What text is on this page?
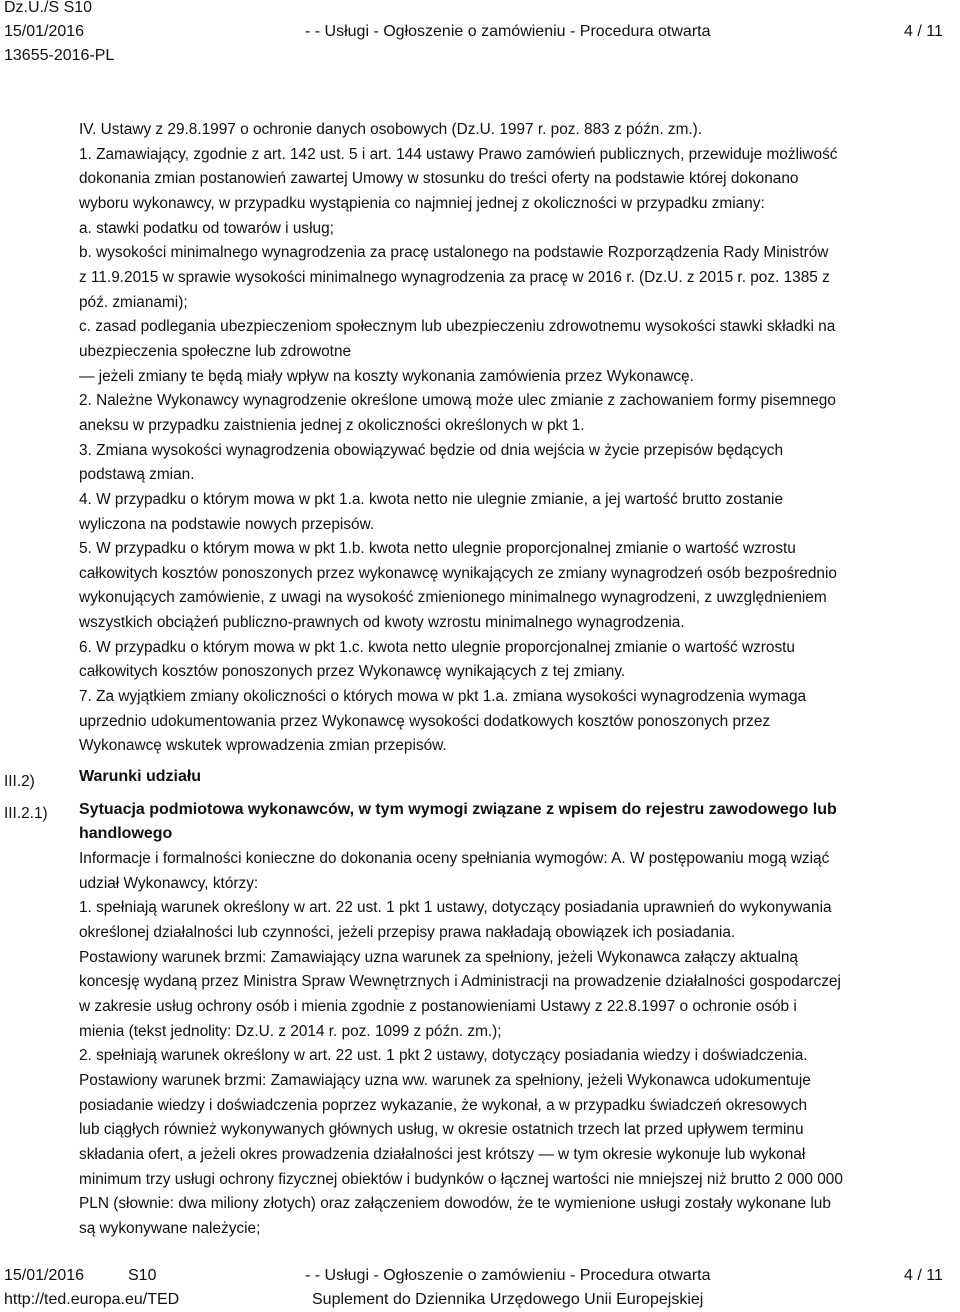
Dz.U./S S10
15/01/2016
13655-2016-PL
- - Usługi - Ogłoszenie o zamówieniu - Procedura otwarta	4 / 11
III.2)
III.2.1)

IV. Ustawy z 29.8.1997 o ochronie danych osobowych (Dz.U. 1997 r. poz. 883 z późn. zm.).

1. Zamawiający, zgodnie z art. 142 ust. 5 i art. 144 ustawy Prawo zamówień publicznych, przewiduje możliwość

dokonania zmian postanowień zawartej Umowy w stosunku do treści oferty na podstawie której dokonano

wyboru wykonawcy, w przypadku wystąpienia co najmniej jednej z okoliczności w przypadku zmiany:

a. stawki podatku od towarów i usług;

b. wysokości minimalnego wynagrodzenia za pracę ustalonego na podstawie Rozporządzenia Rady Ministrów

z 11.9.2015 w sprawie wysokości minimalnego wynagrodzenia za pracę w 2016 r. (Dz.U. z 2015 r. poz. 1385 z

póź. zmianami);

c. zasad podlegania ubezpieczeniom społecznym lub ubezpieczeniu zdrowotnemu wysokości stawki składki na

ubezpieczenia społeczne lub zdrowotne

— jeżeli zmiany te będą miały wpływ na koszty wykonania zamówienia przez Wykonawcę.

2. Należne Wykonawcy wynagrodzenie określone umową może ulec zmianie z zachowaniem formy pisemnego

aneksu w przypadku zaistnienia jednej z okoliczności określonych w pkt 1.

3. Zmiana wysokości wynagrodzenia obowiązywać będzie od dnia wejścia w życie przepisów będących

podstawą zmian.

4. W przypadku o którym mowa w pkt 1.a. kwota netto nie ulegnie zmianie, a jej wartość brutto zostanie

wyliczona na podstawie nowych przepisów.

5. W przypadku o którym mowa w pkt 1.b. kwota netto ulegnie proporcjonalnej zmianie o wartość wzrostu

całkowitych kosztów ponoszonych przez wykonawcę wynikających ze zmiany wynagrodzeń osób bezpośrednio

wykonujących zamówienie, z uwagi na wysokość zmienionego minimalnego wynagrodzeni, z uwzględnieniem

wszystkich obciążeń publiczno-prawnych od kwoty wzrostu minimalnego wynagrodzenia.

6. W przypadku o którym mowa w pkt 1.c. kwota netto ulegnie proporcjonalnej zmianie o wartość wzrostu

całkowitych kosztów ponoszonych przez Wykonawcę wynikających z tej zmiany.

7. Za wyjątkiem zmiany okoliczności o których mowa w pkt 1.a. zmiana wysokości wynagrodzenia wymaga

uprzednio udokumentowania przez Wykonawcę wysokości dodatkowych kosztów ponoszonych przez

Wykonawcę wskutek wprowadzenia zmian przepisów.

Warunki udziału

Sytuacja podmiotowa wykonawców, w tym wymogi związane z wpisem do rejestru zawodowego lub

handlowego

Informacje i formalności konieczne do dokonania oceny spełniania wymogów: A. W postępowaniu mogą wziąć

udział Wykonawcy, którzy:

1. spełniają warunek określony w art. 22 ust. 1 pkt 1 ustawy, dotyczący posiadania uprawnień do wykonywania

określonej działalności lub czynności, jeżeli przepisy prawa nakładają obowiązek ich posiadania.

Postawiony warunek brzmi: Zamawiający uzna warunek za spełniony, jeżeli Wykonawca załączy aktualną

koncesję wydaną przez Ministra Spraw Wewnętrznych i Administracji na prowadzenie działalności gospodarczej

w zakresie usług ochrony osób i mienia zgodnie z postanowieniami Ustawy z 22.8.1997 o ochronie osób i

mienia (tekst jednolity: Dz.U. z 2014 r. poz. 1099 z późn. zm.);

2. spełniają warunek określony w art. 22 ust. 1 pkt 2 ustawy, dotyczący posiadania wiedzy i doświadczenia.

Postawiony warunek brzmi: Zamawiający uzna ww. warunek za spełniony, jeżeli Wykonawca udokumentuje

posiadanie wiedzy i doświadczenia poprzez wykazanie, że wykonał, a w przypadku świadczeń okresowych

lub ciągłych również wykonywanych głównych usług, w okresie ostatnich trzech lat przed upływem terminu

składania ofert, a jeżeli okres prowadzenia działalności jest krótszy — w tym okresie wykonuje lub wykonał

minimum trzy usługi ochrony fizycznej obiektów i budynków o łącznej wartości nie mniejszej niż brutto 2 000 000

PLN (słownie: dwa miliony złotych) oraz załączeniem dowodów, że te wymienione usługi zostały wykonane lub

są wykonywane należycie;

15/01/2016	S10
http://ted.europa.eu/TED
- - Usługi - Ogłoszenie o zamówieniu - Procedura otwarta
Suplement do Dziennika Urzędowego Unii Europejskiej
4 / 11
